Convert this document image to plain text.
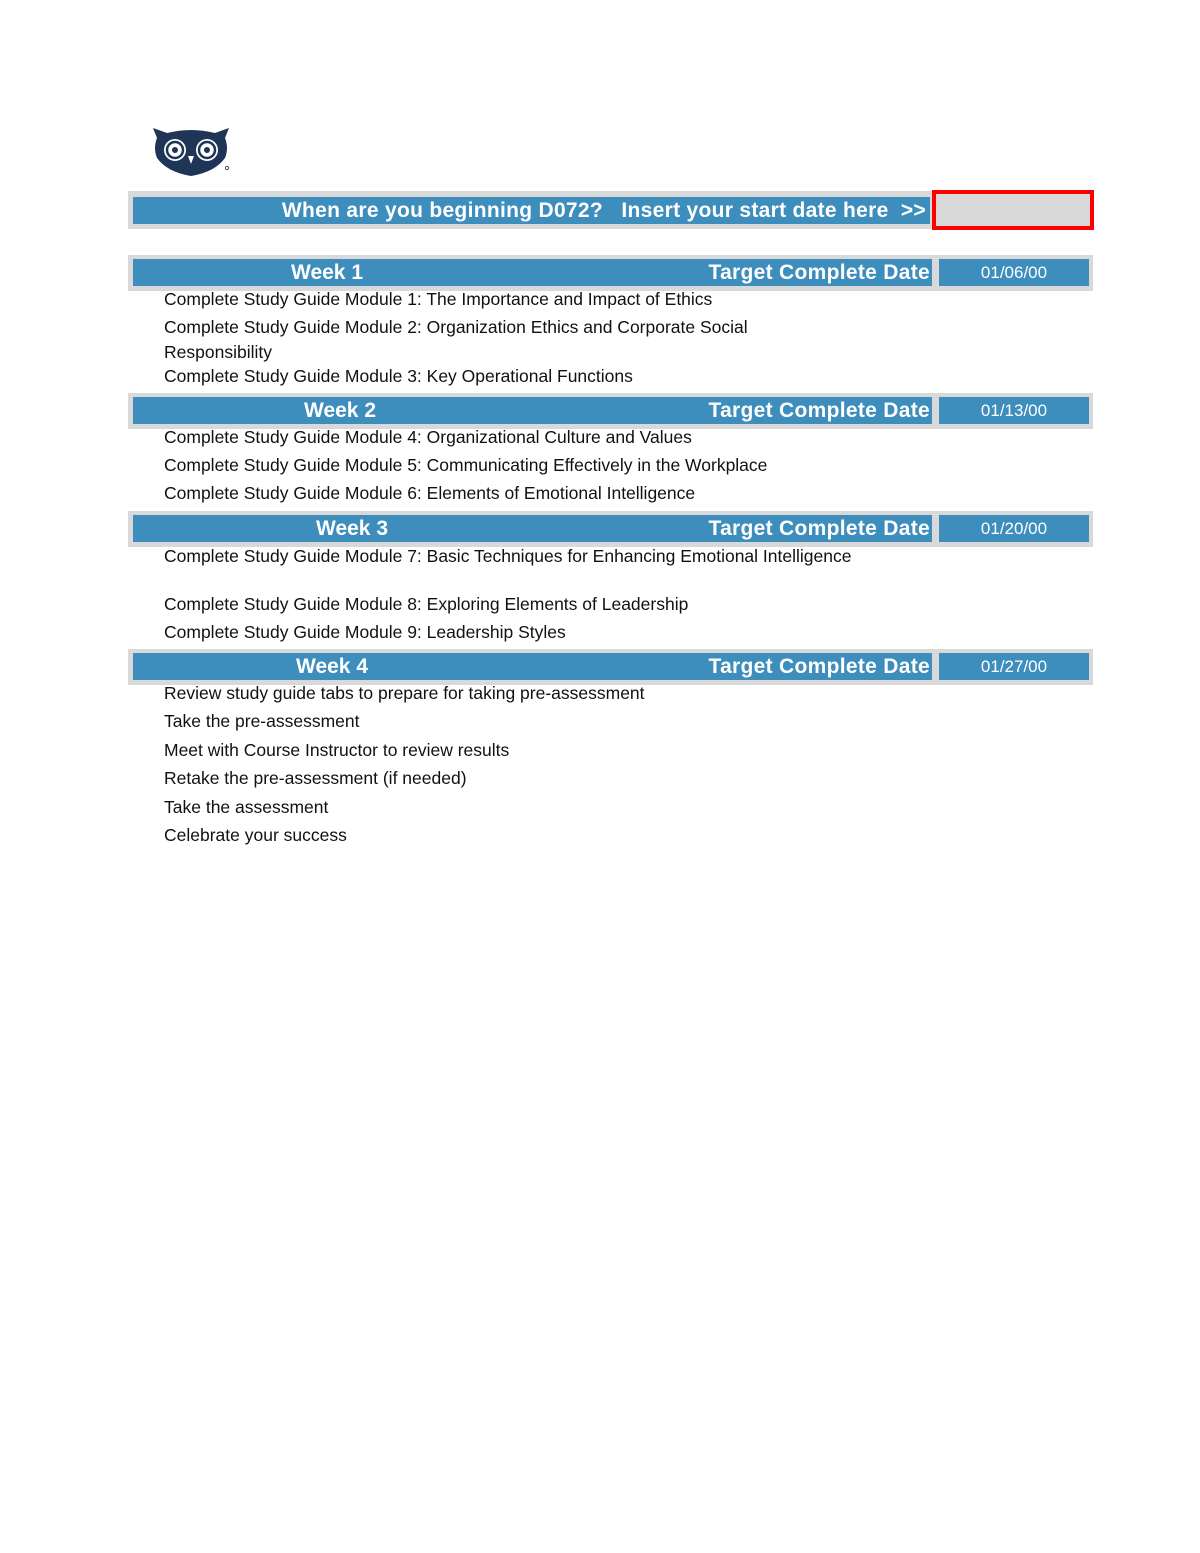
When are you beginning D072?   Insert your start date here  >>
Week 1	Target Complete Date	01/06/00
Complete Study Guide Module 1: The Importance and Impact of Ethics
Complete Study Guide Module 2: Organization Ethics and Corporate Social
Responsibility
Complete Study Guide Module 3: Key Operational Functions
Week 2	Target Complete Date	01/13/00
Complete Study Guide Module 4: Organizational Culture and Values
Complete Study Guide Module 5: Communicating Effectively in the Workplace
Complete Study Guide Module 6: Elements of Emotional Intelligence
Week 3	Target Complete Date	01/20/00
Complete Study Guide Module 7: Basic Techniques for Enhancing Emotional Intelligence
Complete Study Guide Module 8: Exploring Elements of Leadership
Complete Study Guide Module 9: Leadership Styles
Week 4	Target Complete Date	01/27/00
Review study guide tabs to prepare for taking pre-assessment
Take the pre-assessment
Meet with Course Instructor to review results
Retake the pre-assessment (if needed)
Take the assessment
Celebrate your success
